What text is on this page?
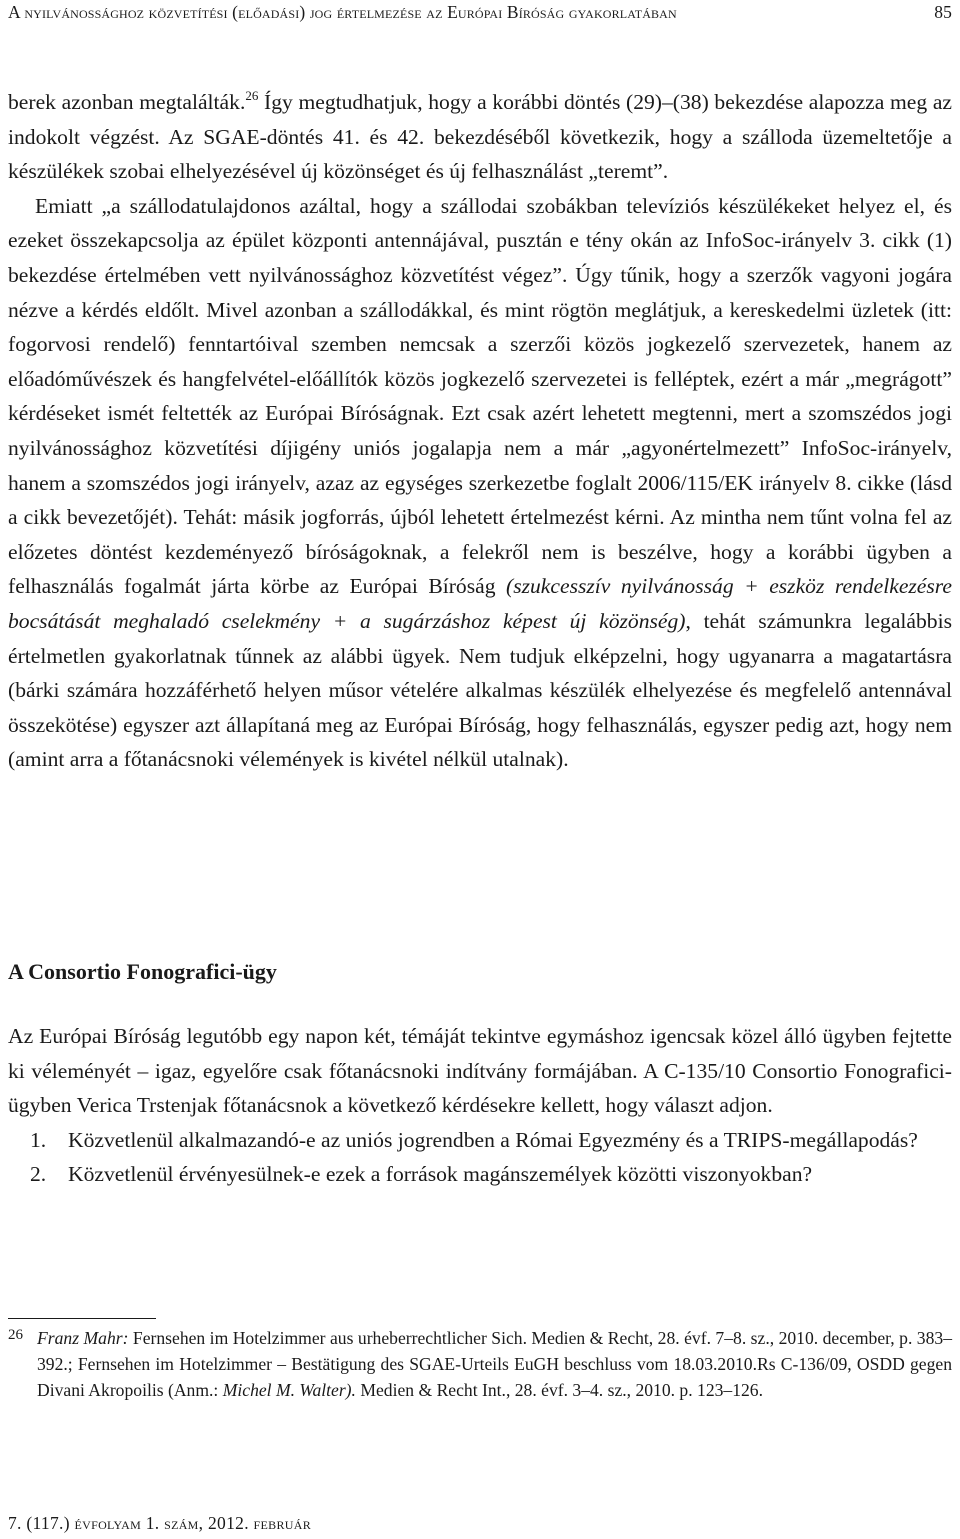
A nyilvánossághoz közvetítési (előadási) jog értelmezése az Európai Bíróság gyakorlatában	85

berek azonban megtalálták.$^{26}$ Így megtudhatjuk, hogy a korábbi döntés (29)–(38) bekezdése alapozza meg az indokolt végzést. Az SGAE-döntés 41. és 42. bekezdéséből következik, hogy a szálloda üzemeltetője a készülékek szobai elhelyezésével új közönséget és új felhasználást „teremt”.

Emiatt „a szállodatulajdonos azáltal, hogy a szállodai szobákban televíziós készülékeket helyez el, és ezeket összekapcsolja az épület központi antennájával, pusztán e tény okán az InfoSoc-irányelv 3. cikk (1) bekezdése értelmében vett nyilvánossághoz közvetítést végez”. Úgy tűnik, hogy a szerzők vagyoni jogára nézve a kérdés eldőlt. Mivel azonban a szállodákkal, és mint rögtön meglátjuk, a kereskedelmi üzletek (itt: fogorvosi rendelő) fenntartóival szemben nemcsak a szerzői közös jogkezelő szervezetek, hanem az előadóművészek és hangfelvétel-előállítók közös jogkezelő szervezetei is felléptek, ezért a már „megrágott” kérdéseket ismét feltették az Európai Bíróságnak. Ezt csak azért lehetett megtenni, mert a szomszédos jogi nyilvánossághoz közvetítési díjigény uniós jogalapja nem a már „agyonértelmezett” InfoSoc-irányelv, hanem a szomszédos jogi irányelv, azaz az egységes szerkezetbe foglalt 2006/115/EK irányelv 8. cikke (lásd a cikk bevezetőjét). Tehát: másik jogforrás, újból lehetett értelmezést kérni. Az mintha nem tűnt volna fel az előzetes döntést kezdeményező bíróságoknak, a felekről nem is beszélve, hogy a korábbi ügyben a felhasználás fogalmát járta körbe az Európai Bíróság (szukcesszív nyilvánosság + eszköz rendelkezésre bocsátását meghaladó cselekmény + a sugárzáshoz képest új közönség), tehát számunkra legalábbis értelmetlen gyakorlatnak tűnnek az alábbi ügyek. Nem tudjuk elképzelni, hogy ugyanarra a magatartásra (bárki számára hozzáférhető helyen műsor vételére alkalmas készülék elhelyezése és megfelelő antennával összekötése) egyszer azt állapítaná meg az Európai Bíróság, hogy felhasználás, egyszer pedig azt, hogy nem (amint arra a főtanácsnoki vélemények is kivétel nélkül utalnak).

A Consortio Fonografici-ügy

Az Európai Bíróság legutóbb egy napon két, témáját tekintve egymáshoz igencsak közel álló ügyben fejtette ki véleményét – igaz, egyelőre csak főtanácsnoki indítvány formájában. A C-135/10 Consortio Fonografici-ügyben Verica Trstenjak főtanácsnok a következő kérdésekre kellett, hogy választ adjon.

1.	Közvetlenül alkalmazandó-e az uniós jogrendben a Római Egyezmény és a TRIPS-megállapodás?
2.	Közvetlenül érvényesülnek-e ezek a források magánszemélyek közötti viszonyokban?
26 Franz Mahr: Fernsehen im Hotelzimmer aus urheberrechtlicher Sich. Medien & Recht, 28. évf. 7–8. sz., 2010. december, p. 383–392.; Fernsehen im Hotelzimmer – Bestätigung des SGAE-Urteils EuGH beschluss vom 18.03.2010.Rs C-136/09, OSDD gegen Divani Akropoilis (Anm.: Michel M. Walter). Medien & Recht Int., 28. évf. 3–4. sz., 2010. p. 123–126.
7. (117.) évfolyam 1. szám, 2012. február
